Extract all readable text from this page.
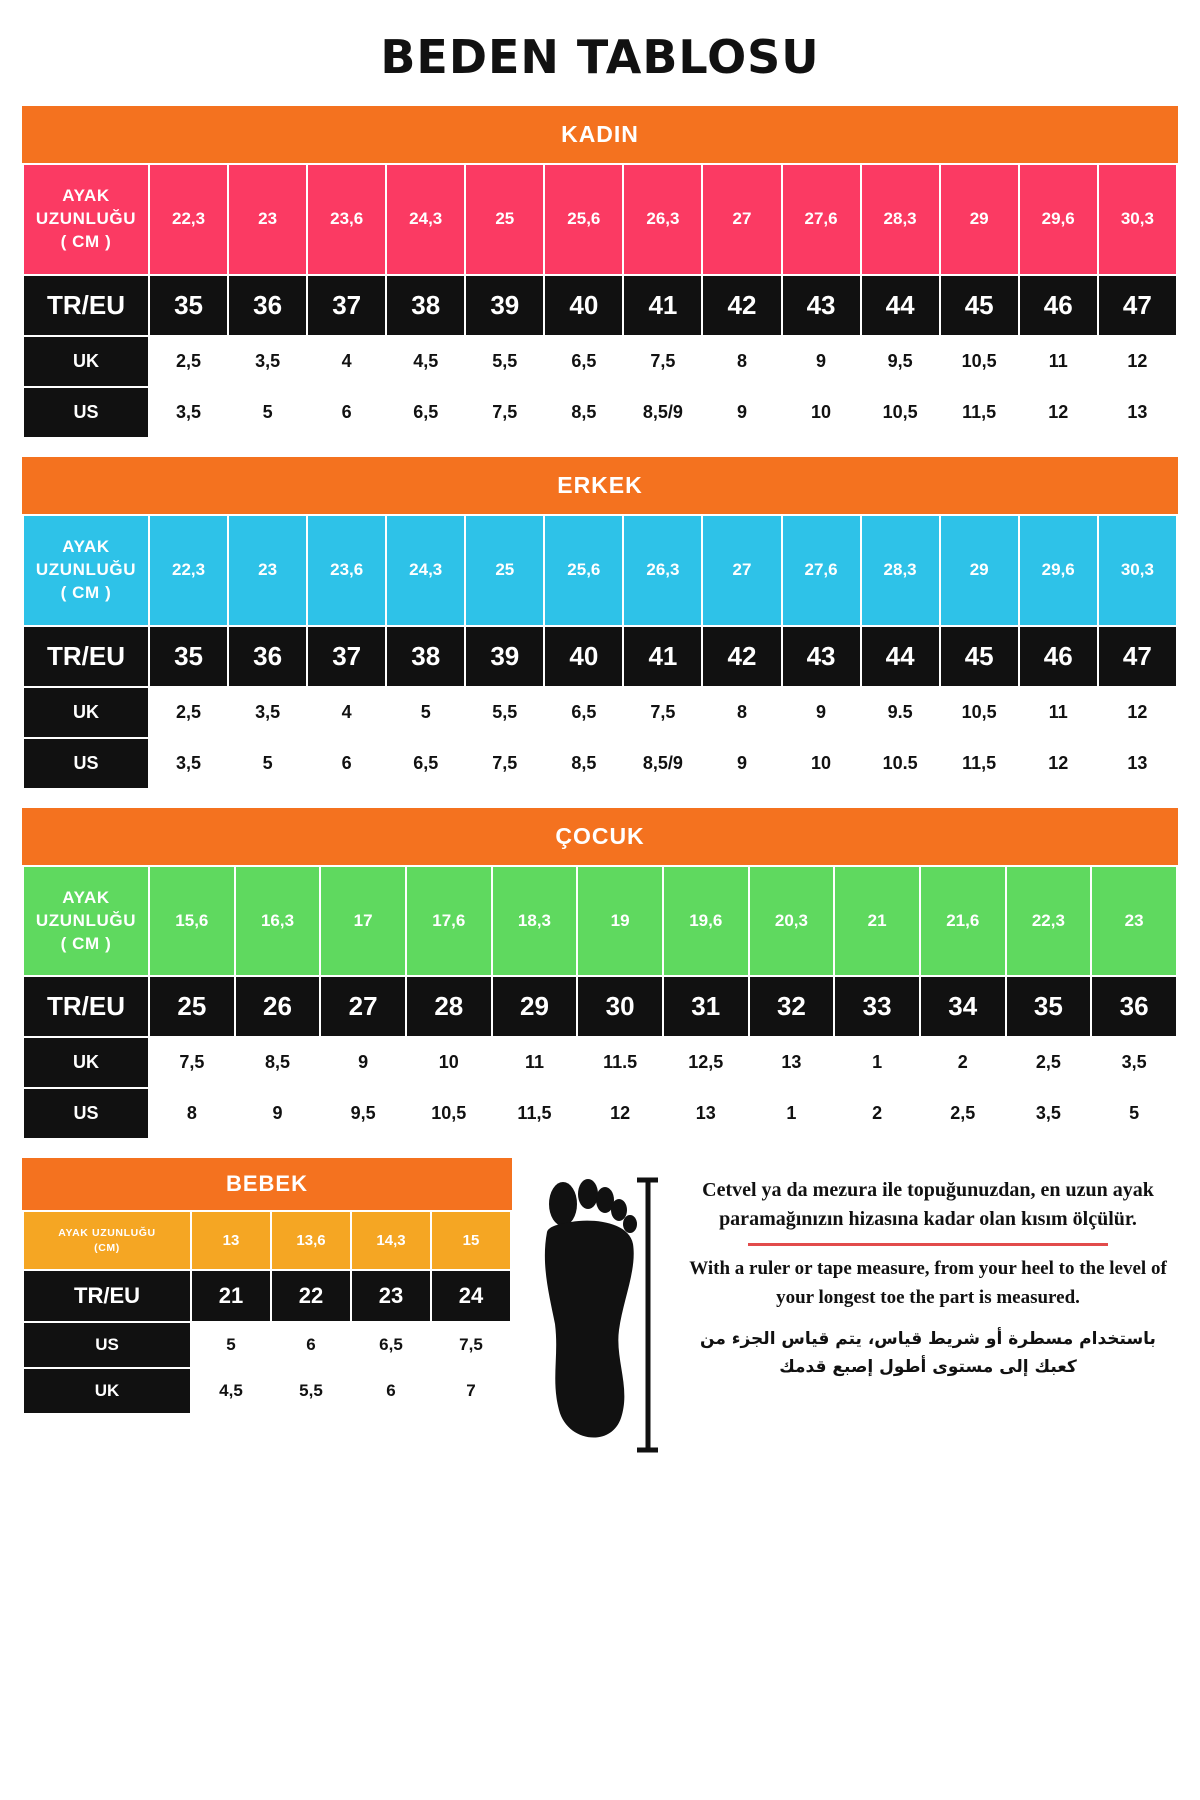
BEDEN TABLOSU
KADIN
AYAK
UZUNLUĞU
( CM )	22,3	23	23,6	24,3	25	25,6	26,3	27	27,6	28,3	29	29,6	30,3
TR/EU	35	36	37	38	39	40	41	42	43	44	45	46	47
UK	2,5	3,5	4	4,5	5,5	6,5	7,5	8	9	9,5	10,5	11	12
US	3,5	5	6	6,5	7,5	8,5	8,5/9	9	10	10,5	11,5	12	13
ERKEK
AYAK
UZUNLUĞU
( CM )	22,3	23	23,6	24,3	25	25,6	26,3	27	27,6	28,3	29	29,6	30,3
TR/EU	35	36	37	38	39	40	41	42	43	44	45	46	47
UK	2,5	3,5	4	5	5,5	6,5	7,5	8	9	9.5	10,5	11	12
US	3,5	5	6	6,5	7,5	8,5	8,5/9	9	10	10.5	11,5	12	13
ÇOCUK
AYAK
UZUNLUĞU
( CM )	15,6	16,3	17	17,6	18,3	19	19,6	20,3	21	21,6	22,3	23
TR/EU	25	26	27	28	29	30	31	32	33	34	35	36
UK	7,5	8,5	9	10	11	11.5	12,5	13	1	2	2,5	3,5
US	8	9	9,5	10,5	11,5	12	13	1	2	2,5	3,5	5
BEBEK
AYAK UZUNLUĞU
(CM)	13	13,6	14,3	15
TR/EU	21	22	23	24
US	5	6	6,5	7,5
UK	4,5	5,5	6	7
Cetvel ya da mezura ile topuğunuzdan, en uzun ayak paramağınızın hizasına kadar olan kısım ölçülür.
With a ruler or tape measure, from your heel to the level of your longest toe the part is measured.
باستخدام مسطرة أو شريط قياس، يتم قياس الجزء من كعبك إلى مستوى أطول إصبع قدمك
